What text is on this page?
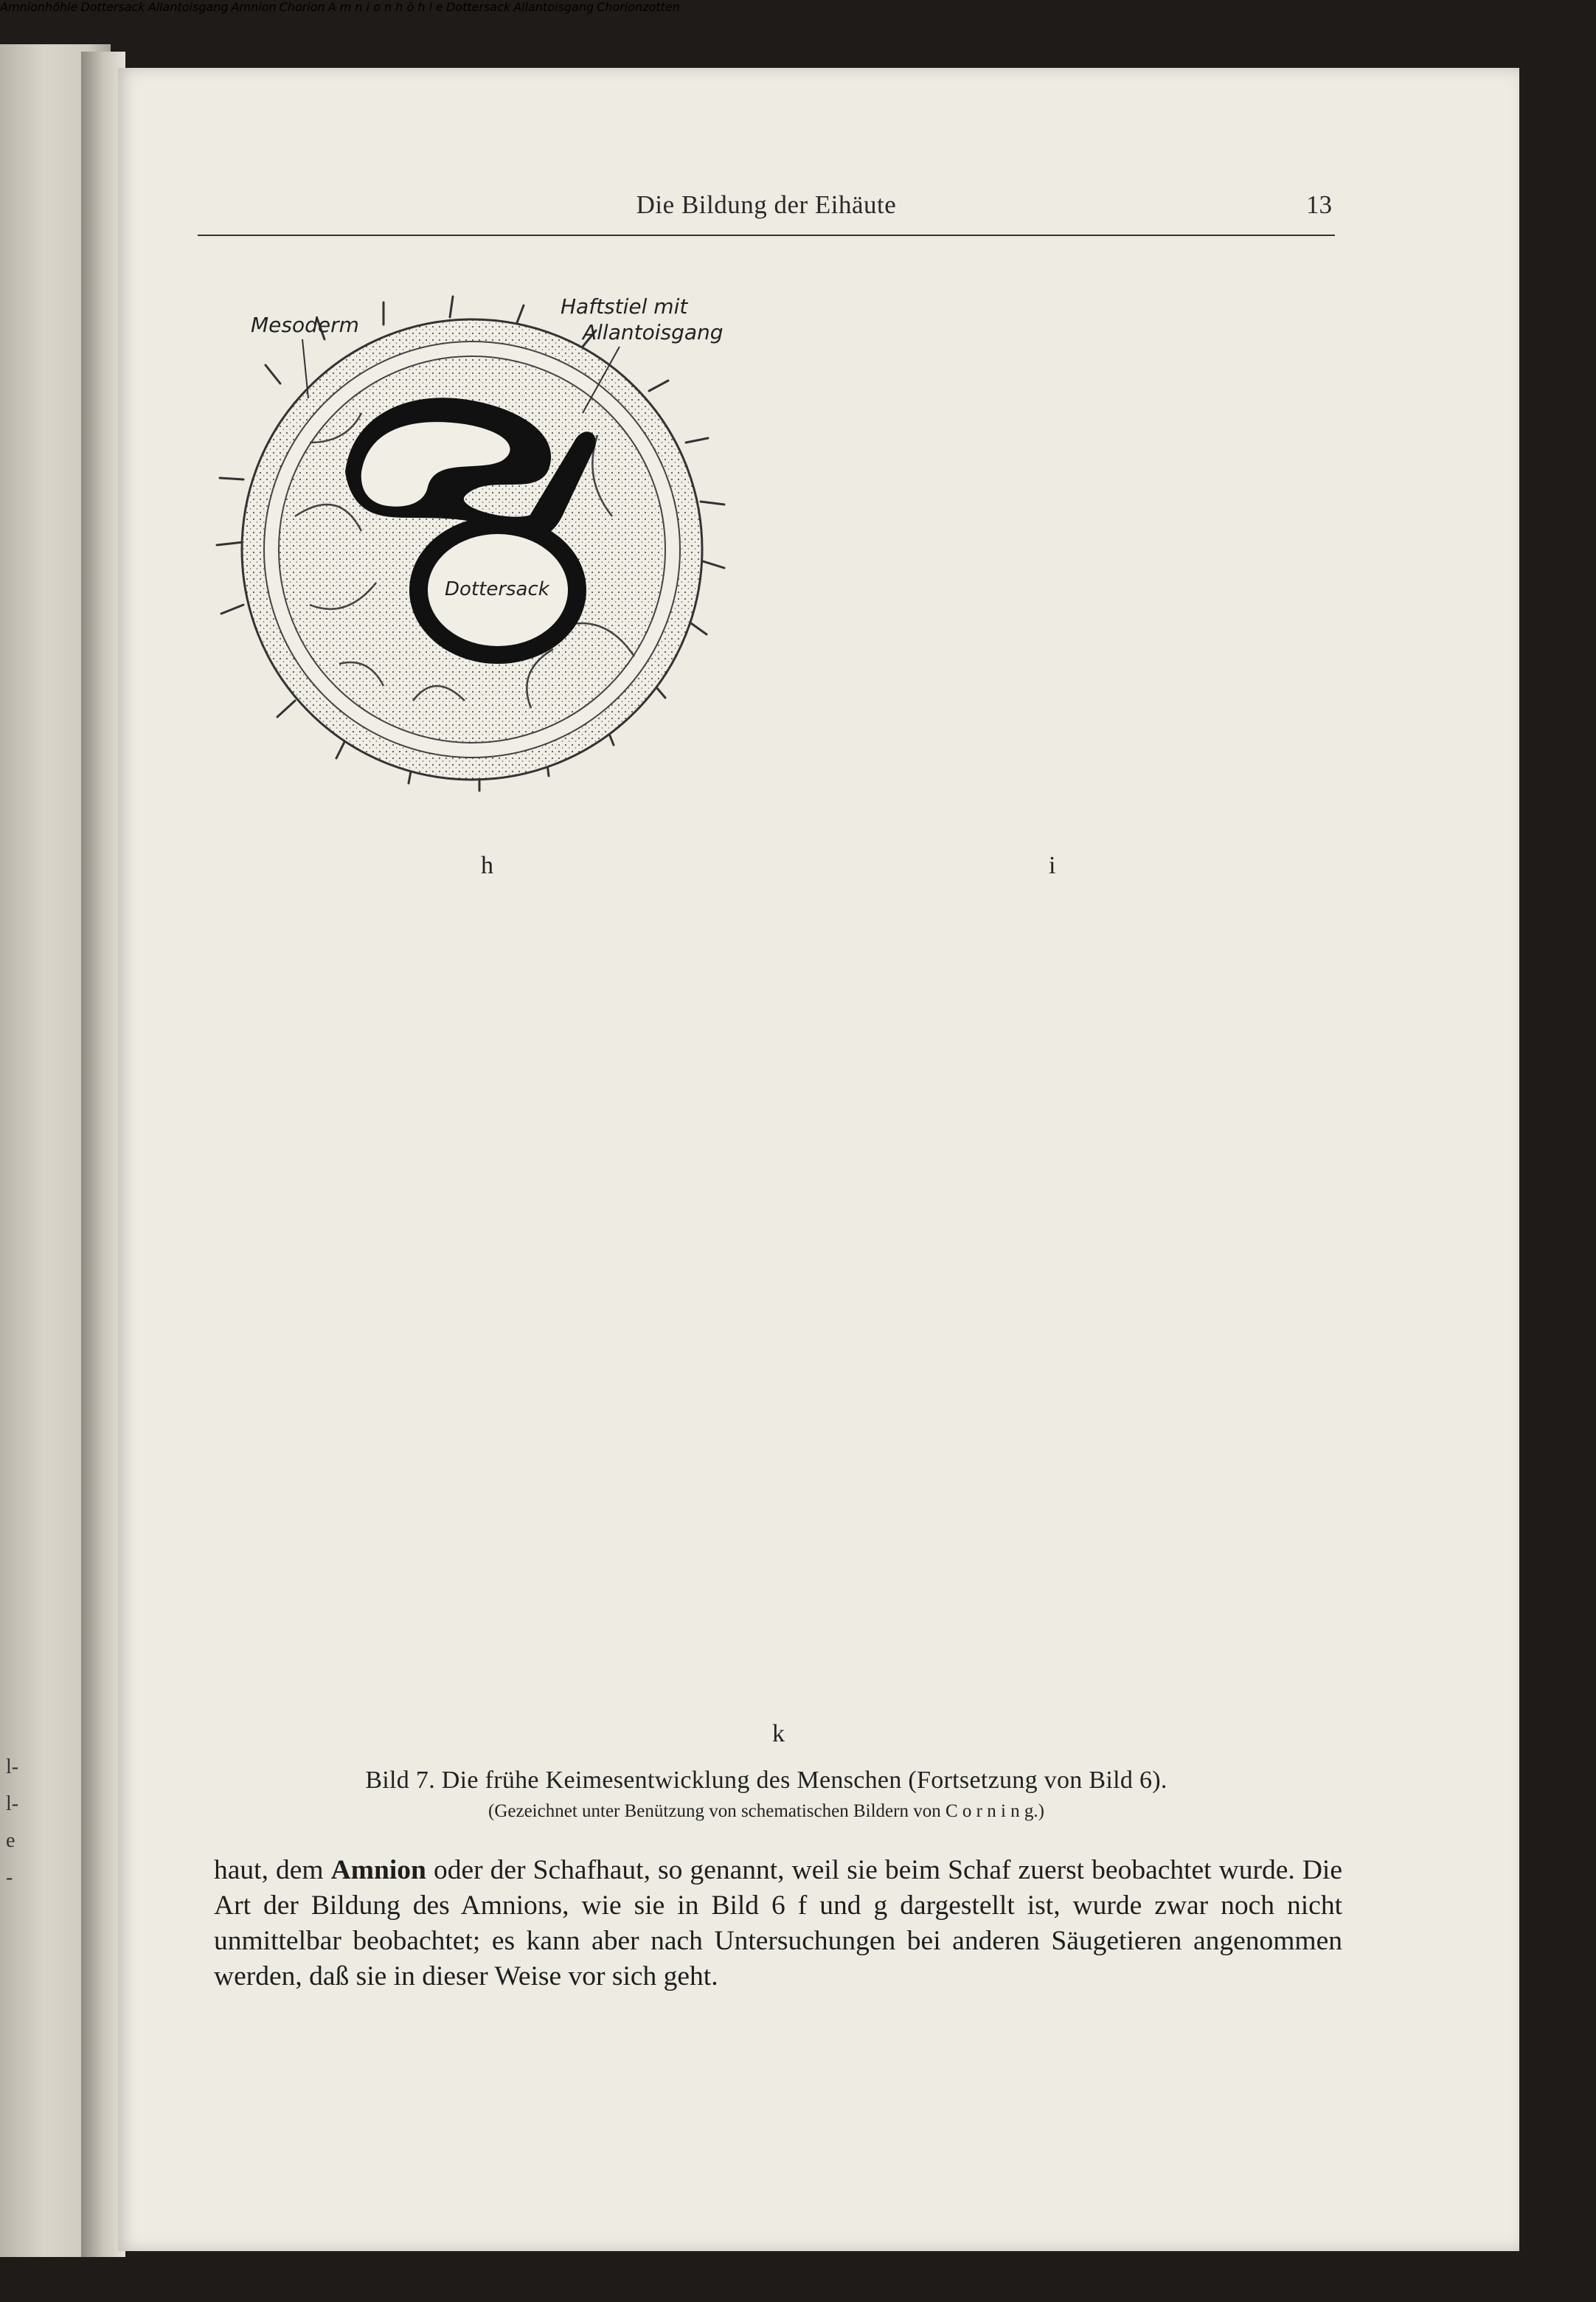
l-
l-
e
-
Die Bildung der Eihäute	13
Mesoderm
Haftstiel mit
Allantoisgang
Dottersack
Amnionhöhle Dottersack Allantoisgang Amnion Chorion A m n i o n h ö h l e Dottersack Allantoisgang Chorionzotten
h	i
k
Bild 7. Die frühe Keimesentwicklung des Menschen (Fortsetzung von Bild 6).
(Gezeichnet unter Benützung von schematischen Bildern von C o r n i n g.)

haut, dem Amnion oder der Schafhaut, so genannt, weil sie beim Schaf zuerst beobachtet wurde. Die Art der Bildung des Amnions, wie sie in Bild 6 f und g dargestellt ist, wurde zwar noch nicht unmittelbar beobachtet; es kann aber nach Untersuchungen bei anderen Säugetieren angenommen werden, daß sie in dieser Weise vor sich geht.
